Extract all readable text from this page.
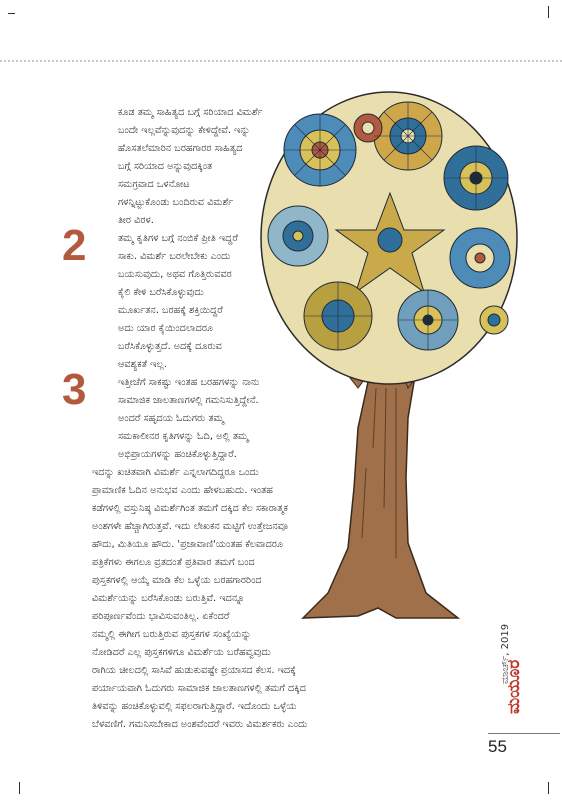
2
3
ಕೂಡ ತಮ್ಮ ಸಾಹಿತ್ಯದ ಬಗ್ಗೆ ಸರಿಯಾದ ವಿಮರ್ಶೆ
ಬಂದೇ ಇಲ್ಲವೆನ್ನುವುದನ್ನು ಕೇಳಿದ್ದೇವೆ. ಇನ್ನು
ಹೊಸತಲೆಮಾರಿನ ಬರಹಗಾರರ ಸಾಹಿತ್ಯದ
ಬಗ್ಗೆ ಸರಿಯಾದ ಅನ್ನುವುದಕ್ಕಿಂತ
ಸಮಗ್ರವಾದ ಒಳನೋಟ
ಗಳನ್ನಿಟ್ಟುಕೊಂಡು ಬಂದಿರುವ ವಿಮರ್ಶೆ
ತೀರ ವಿರಳ.
ತಮ್ಮ ಕೃತಿಗಳ ಬಗ್ಗೆ ನಂಬಿಕೆ ಪ್ರೀತಿ ಇದ್ದರೆ
ಸಾಕು. ವಿಮರ್ಶೆ ಬರಲೇಬೇಕು ಎಂದು
ಬಯಸುವುದು, ಅಥವ ಗೊತ್ತಿರುವವರ
ಕೈಲಿ ಕೇಳಿ ಬರೆಸಿಕೊಳ್ಳುವುದು
ಮೂರ್ಖತನ. ಬರಹಕ್ಕೆ ಶಕ್ತಿಯಿದ್ದರೆ
ಅದು ಯಾರ ಕೈಯಿಂದಲಾದರೂ
ಬರೆಸಿಕೊಳ್ಳುತ್ತದೆ. ಅದಕ್ಕೆ ದೂರುವ
ಆವಶ್ಯಕತೆ ಇಲ್ಲ.
ಇತ್ತೀಚೆಗೆ ಸಾಕಷ್ಟು ಇಂತಹ ಬರಹಗಳನ್ನು ನಾನು
ಸಾಮಾಜಿಕ ಜಾಲತಾಣಗಳಲ್ಲಿ ಗಮನಿಸುತ್ತಿದ್ದೇನೆ.
ಅಂದರೆ ಸಹೃದಯ ಓದುಗರು ತಮ್ಮ
ಸಮಕಾಲೀನರ ಕೃತಿಗಳನ್ನು ಓದಿ, ಅಲ್ಲಿ ತಮ್ಮ
ಅಭಿಪ್ರಾಯಗಳನ್ನು ಹಂಚಿಕೊಳ್ಳುತ್ತಿದ್ದಾರೆ.
ಇದನ್ನು ಖಚಿತವಾಗಿ ವಿಮರ್ಶೆ ಎನ್ನಲಾಗದಿದ್ದರೂ ಒಂದು
ಪ್ರಾಮಾಣಿಕ ಓದಿನ ಅನುಭವ ಎಂದು ಹೇಳಬಹುದು. ಇಂತಹ
ಕಡೆಗಳಲ್ಲಿ ವಸ್ತುನಿಷ್ಠ ವಿಮರ್ಶೆಗಿಂತ ತಮಗೆ ದಕ್ಕಿದ ಕೆಲ ಸಕಾರಾತ್ಮಕ
ಅಂಶಗಳೇ ಹೆಚ್ಚಾಗಿರುತ್ತವೆ. ಇದು ಲೇಖಕನ ಮಟ್ಟಿಗೆ ಉತ್ತೇಜನವೂ
ಹೌದು, ಮಿತಿಯೂ ಹೌದು. 'ಪ್ರಜಾವಾಣಿ'ಯಂತಹ ಕೆಲವಾದರೂ
ಪತ್ರಿಕೆಗಳು ಈಗಲೂ ವ್ರತದಂತೆ ಪ್ರತಿವಾರ ತಮಗೆ ಬಂದ
ಪುಸ್ತಕಗಳಲ್ಲಿ ಆಯ್ಕೆ ಮಾಡಿ ಕೆಲ ಒಳ್ಳೆಯ ಬರಹಗಾರರಿಂದ
ವಿಮರ್ಶೆಯನ್ನು ಬರೆಸಿಕೊಂಡು ಬರುತ್ತಿವೆ. ಇದನ್ನೂ
ಪರಿಪೂರ್ಣವೆಂದು ಭಾವಿಸುವಂತಿಲ್ಲ. ಏಕೆಂದರೆ
ನಮ್ಮಲ್ಲಿ ಈಗೀಗ ಬರುತ್ತಿರುವ ಪುಸ್ತಕಗಳ ಸಂಖ್ಯೆಯನ್ನು
ನೋಡಿದರೆ ಎಲ್ಲ ಪುಸ್ತಕಗಳಿಗೂ ವಿಮರ್ಶೆಯ ಬರೆಹವ್ವವುದು
ರಾಗಿಯ ಚೀಲದಲ್ಲಿ ಸಾಸಿವೆ ಹುಡುಕುವಷ್ಟೇ ಪ್ರಯಾಸದ ಕೆಲಸ. ಇದಕ್ಕೆ
ಪರ್ಯಾಯವಾಗಿ ಓದುಗರು ಸಾಮಾಜಿಕ ಜಾಲತಾಣಗಳಲ್ಲಿ ತಮಗೆ ದಕ್ಕಿದ
ತಿಳಿವನ್ನು ಹಂಚಿಕೊಳ್ಳುವಲ್ಲಿ ಸಫಲರಾಗುತ್ತಿದ್ದಾರೆ. ಇದೊಂದು ಒಳ್ಳೆಯ
ಬೆಳವಣಿಗೆ. ಗಮನಿಸಬೇಕಾದ ಅಂಶವೆಂದರೆ ಇವರು ವಿಮರ್ಶಕರು ಎಂದು
ಮಾರ್ಚ್, 2019
ಮಯೂರ
55
